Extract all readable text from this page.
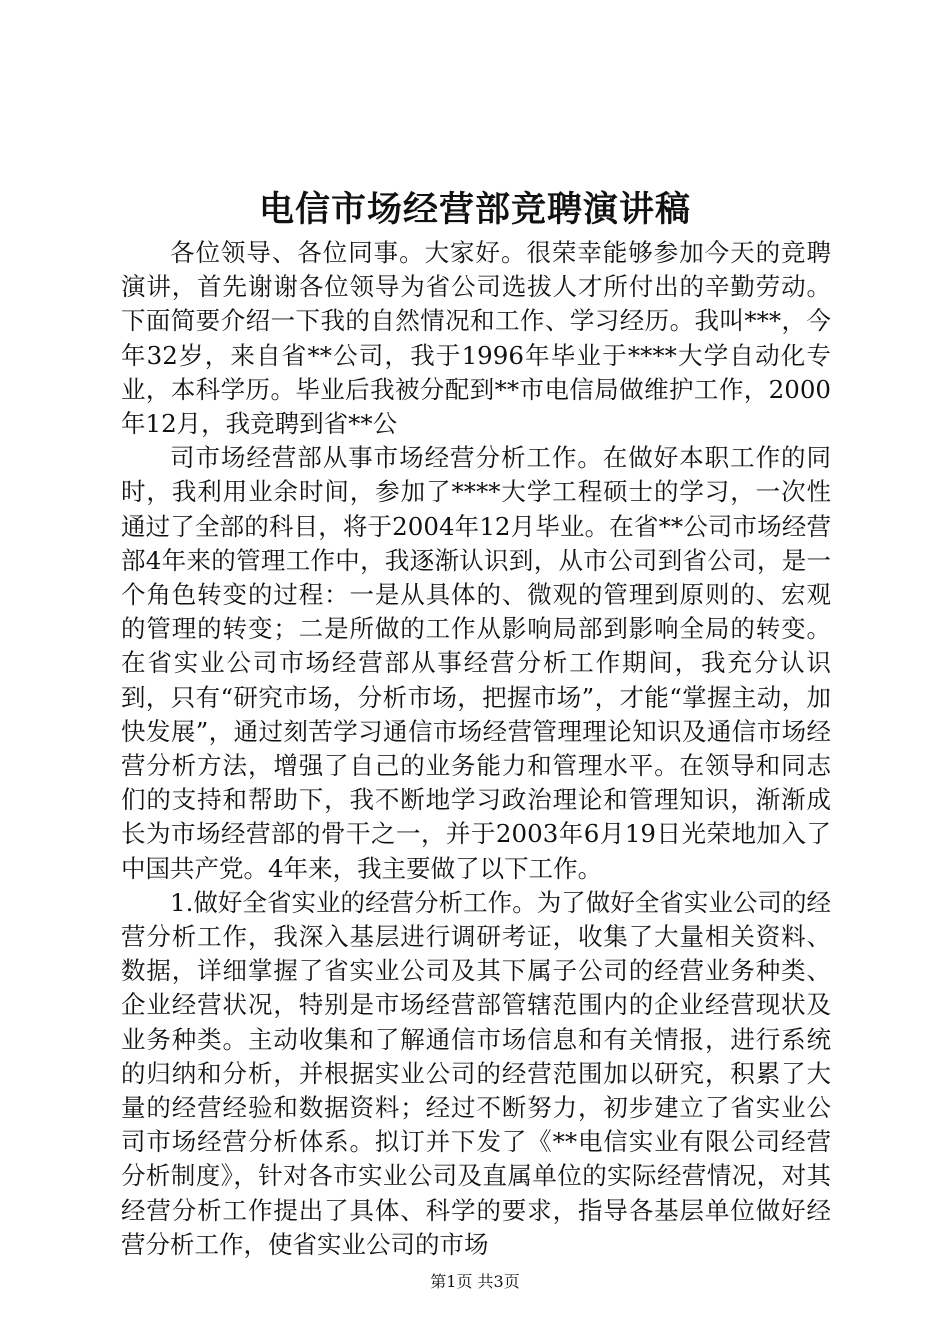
电信市场经营部竞聘演讲稿

各位领导、各位同事。大家好。很荣幸能够参加今天的竞聘演讲，首先谢谢各位领导为省公司选拔人才所付出的辛勤劳动。下面简要介绍一下我的自然情况和工作、学习经历。我叫***，今年32岁，来自省**公司，我于1996年毕业于****大学自动化专业，本科学历。毕业后我被分配到**市电信局做维护工作，2000年12月，我竞聘到省**公

司市场经营部从事市场经营分析工作。在做好本职工作的同时，我利用业余时间，参加了****大学工程硕士的学习，一次性通过了全部的科目，将于2004年12月毕业。在省**公司市场经营部4年来的管理工作中，我逐渐认识到，从市公司到省公司，是一个角色转变的过程：一是从具体的、微观的管理到原则的、宏观的管理的转变；二是所做的工作从影响局部到影响全局的转变。在省实业公司市场经营部从事经营分析工作期间，我充分认识到，只有“研究市场，分析市场，把握市场”，才能“掌握主动，加快发展”，通过刻苦学习通信市场经营管理理论知识及通信市场经营分析方法，增强了自己的业务能力和管理水平。在领导和同志们的支持和帮助下，我不断地学习政治理论和管理知识，渐渐成长为市场经营部的骨干之一，并于2003年6月19日光荣地加入了中国共产党。4年来，我主要做了以下工作。

1.做好全省实业的经营分析工作。为了做好全省实业公司的经营分析工作，我深入基层进行调研考证，收集了大量相关资料、数据，详细掌握了省实业公司及其下属子公司的经营业务种类、企业经营状况，特别是市场经营部管辖范围内的企业经营现状及业务种类。主动收集和了解通信市场信息和有关情报，进行系统的归纳和分析，并根据实业公司的经营范围加以研究，积累了大量的经营经验和数据资料；经过不断努力，初步建立了省实业公司市场经营分析体系。拟订并下发了《**电信实业有限公司经营分析制度》，针对各市实业公司及直属单位的实际经营情况，对其经营分析工作提出了具体、科学的要求，指导各基层单位做好经营分析工作，使省实业公司的市场

第1页 共3页
